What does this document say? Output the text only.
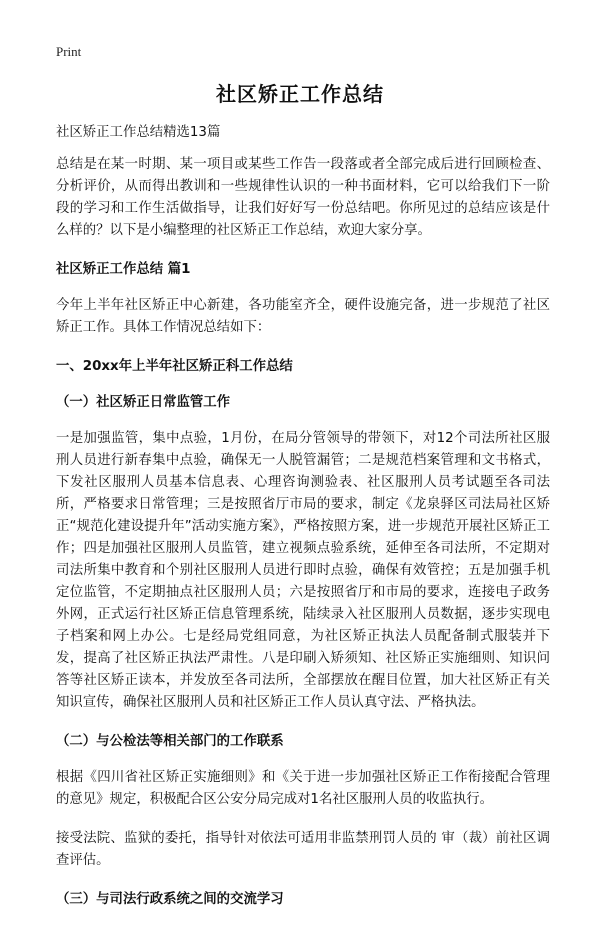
Print
社区矫正工作总结

社区矫正工作总结精选13篇

总结是在某一时期、某一项目或某些工作告一段落或者全部完成后进行回顾检查、分析评价，从而得出教训和一些规律性认识的一种书面材料，它可以给我们下一阶段的学习和工作生活做指导，让我们好好写一份总结吧。你所见过的总结应该是什么样的？以下是小编整理的社区矫正工作总结，欢迎大家分享。

社区矫正工作总结 篇1

今年上半年社区矫正中心新建，各功能室齐全，硬件设施完备，进一步规范了社区矫正工作。具体工作情况总结如下：

一、20xx年上半年社区矫正科工作总结
（一）社区矫正日常监管工作

一是加强监管，集中点验，1月份，在局分管领导的带领下，对12个司法所社区服刑人员进行新春集中点验，确保无一人脱管漏管；二是规范档案管理和文书格式，下发社区服刑人员基本信息表、心理咨询测验表、社区服刑人员考试题至各司法所，严格要求日常管理；三是按照省厅市局的要求，制定《龙泉驿区司法局社区矫正“规范化建设提升年”活动实施方案》，严格按照方案，进一步规范开展社区矫正工作；四是加强社区服刑人员监管，建立视频点验系统，延伸至各司法所，不定期对司法所集中教育和个别社区服刑人员进行即时点验，确保有效管控；五是加强手机定位监管，不定期抽点社区服刑人员；六是按照省厅和市局的要求，连接电子政务外网，正式运行社区矫正信息管理系统，陆续录入社区服刑人员数据，逐步实现电子档案和网上办公。七是经局党组同意，为社区矫正执法人员配备制式服装并下发，提高了社区矫正执法严肃性。八是印刷入矫须知、社区矫正实施细则、知识问答等社区矫正读本，并发放至各司法所，全部摆放在醒目位置，加大社区矫正有关知识宣传，确保社区服刑人员和社区矫正工作人员认真守法、严格执法。

（二）与公检法等相关部门的工作联系

根据《四川省社区矫正实施细则》和《关于进一步加强社区矫正工作衔接配合管理的意见》规定，积极配合区公安分局完成对1名社区服刑人员的收监执行。

接受法院、监狱的委托，指导针对依法可适用非监禁刑罚人员的 审（裁）前社区调查评估。

（三）与司法行政系统之间的交流学习
